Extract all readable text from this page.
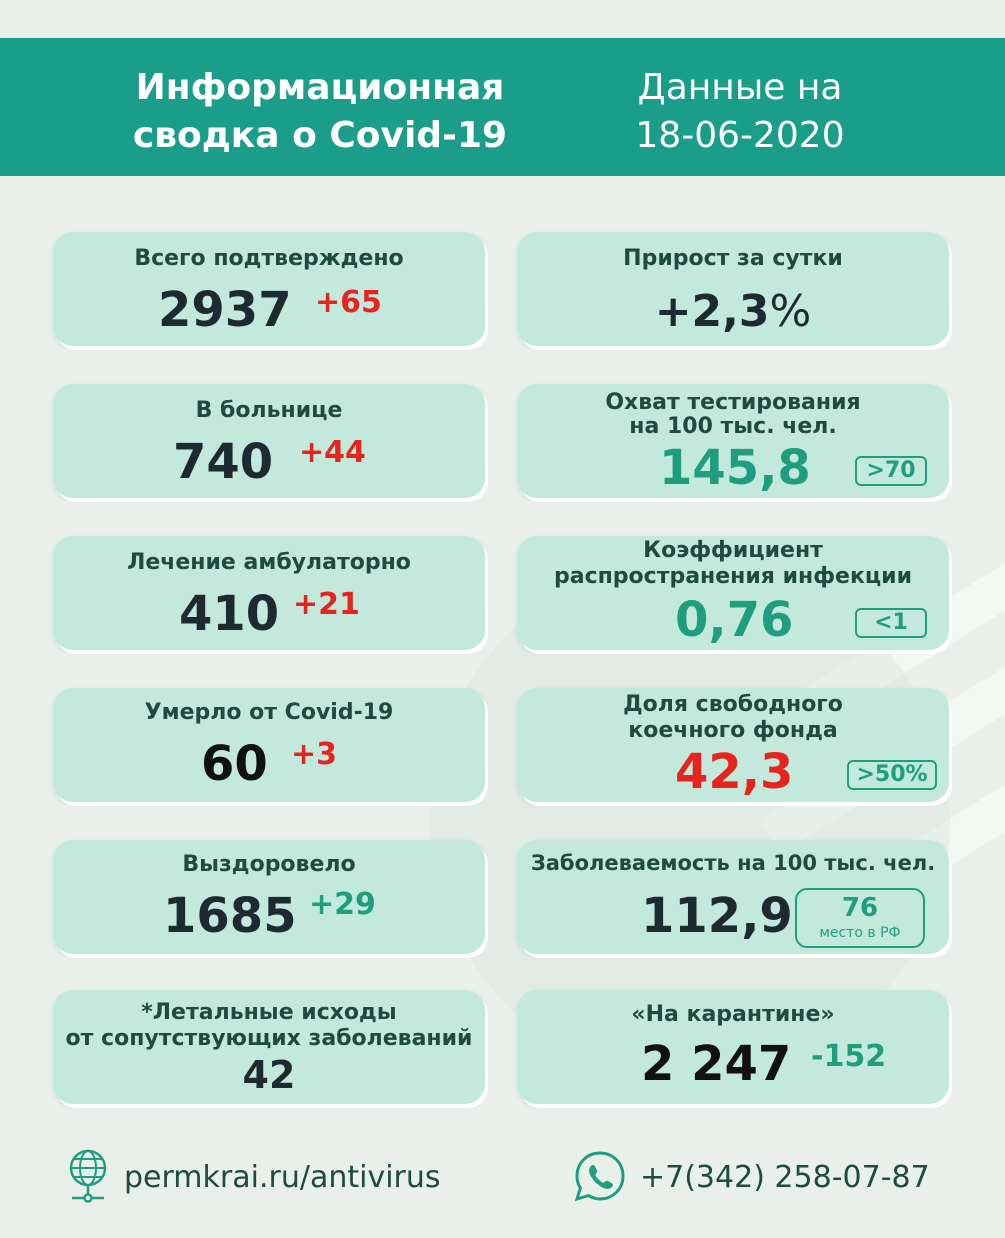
Информационная
сводка о Covid-19
Данные на
18-06-2020
Всего подтверждено
2937 +65
В больнице
740 +44
Лечение амбулаторно
410 +21
Умерло от Covid-19
60 +3
Выздоровело
1685 +29
*Летальные исходы
от сопутствующих заболеваний
42
Прирост за сутки
+2,3%
Охват тестирования
на 100 тыс. чел.
145,8	>70
Коэффициент
распространения инфекции
0,76	<1
Доля свободного
коечного фонда
42,3	>50%
Заболеваемость на 100 тыс. чел.
112,9	76
место в РФ
«На карантине»
2 247 -152
permkrai.ru/antivirus	+7(342) 258-07-87
